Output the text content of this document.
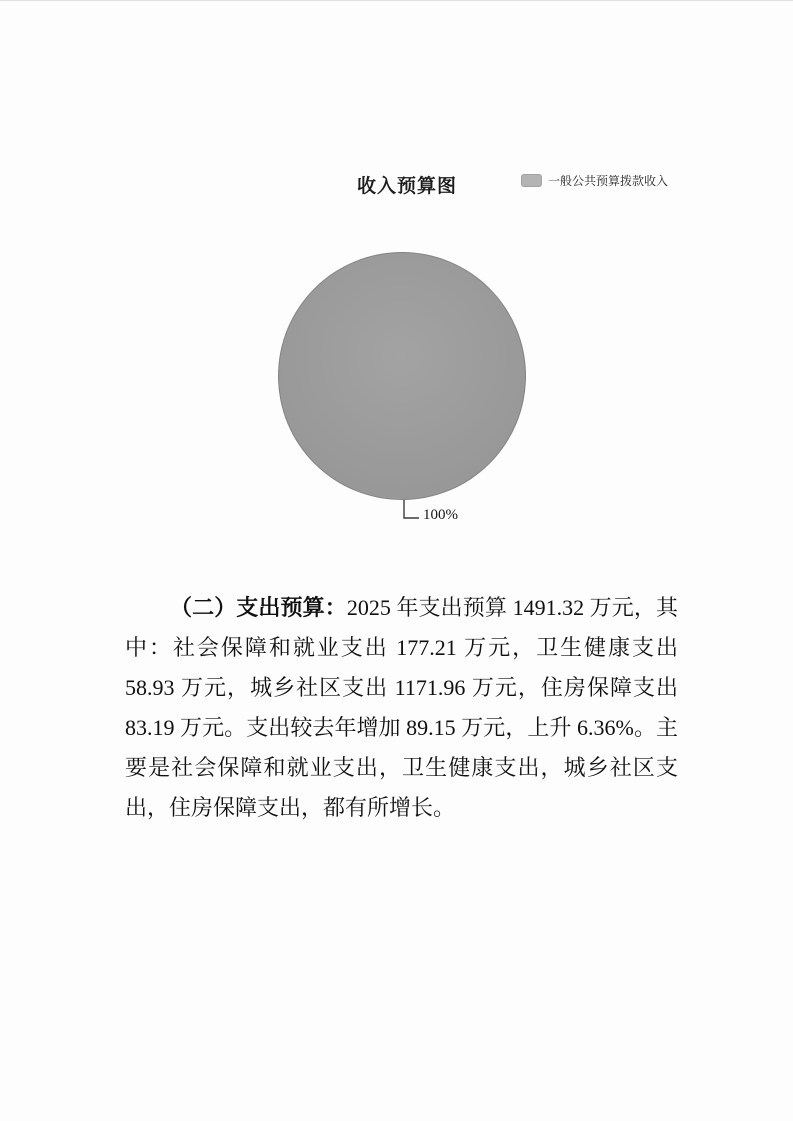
收入预算图	一般公共预算拨款收入
100%

（二）支出预算：2025 年支出预算 1491.32 万元，其中：社会保障和就业支出 177.21 万元，卫生健康支出 58.93 万元，城乡社区支出 1171.96 万元，住房保障支出 83.19 万元。支出较去年增加 89.15 万元，上升 6.36%。主要是社会保障和就业支出，卫生健康支出，城乡社区支出，住房保障支出，都有所增长。
